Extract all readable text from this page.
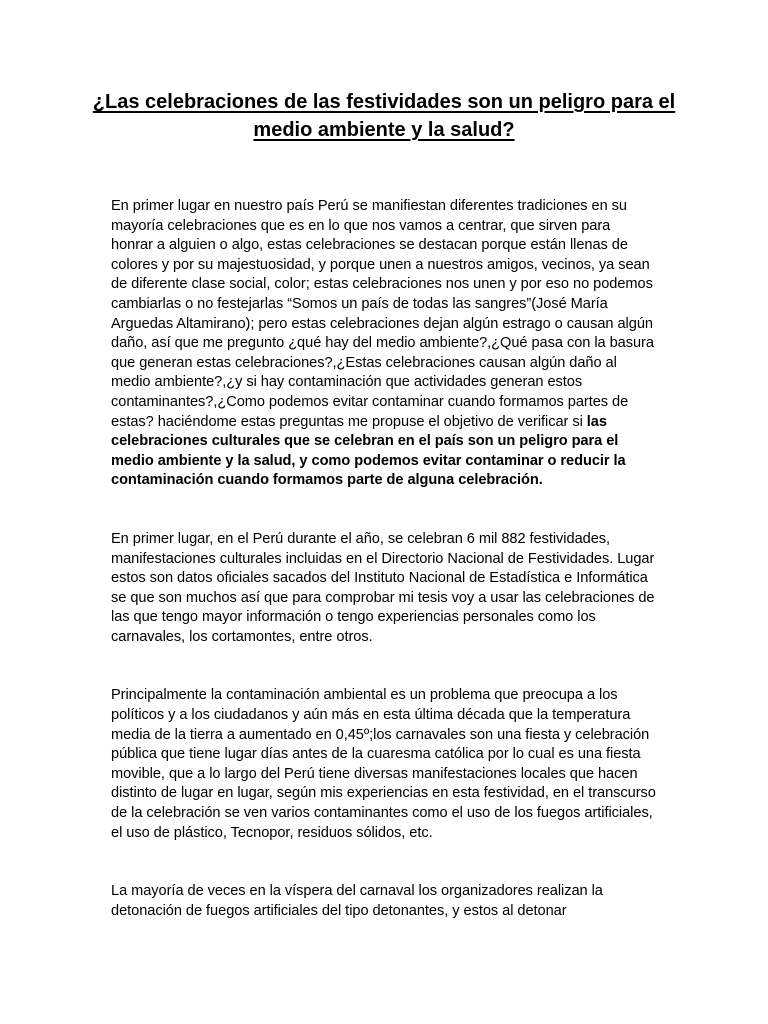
¿Las celebraciones de las festividades son un peligro para el medio ambiente y la salud?

En primer lugar en nuestro país Perú se manifiestan diferentes tradiciones en su mayoría celebraciones que es en lo que nos vamos a centrar, que sirven para honrar a alguien o algo, estas celebraciones se destacan porque están llenas de colores y por su majestuosidad, y porque unen a nuestros amigos, vecinos, ya sean de diferente clase social, color; estas celebraciones nos unen y por eso no podemos cambiarlas o no festejarlas “Somos un país de todas las sangres”(José María Arguedas Altamirano); pero estas celebraciones dejan algún estrago o causan algún daño, así que me pregunto ¿qué hay del medio ambiente?,¿Qué pasa con la basura que generan estas celebraciones?,¿Estas celebraciones causan algún daño al medio ambiente?,¿y si hay contaminación que actividades generan estos contaminantes?,¿Como podemos evitar contaminar cuando formamos partes de estas? haciéndome estas preguntas me propuse el objetivo de verificar si las celebraciones culturales que se celebran en el país son un peligro para el medio ambiente y la salud, y como podemos evitar contaminar o reducir la contaminación cuando formamos parte de alguna celebración.

En primer lugar, en el Perú durante el año, se celebran 6 mil 882 festividades, manifestaciones culturales incluidas en el Directorio Nacional de Festividades. Lugar estos son datos oficiales sacados del Instituto Nacional de Estadística e Informática se que son muchos así que para comprobar mi tesis voy a usar las celebraciones de las que tengo mayor información o tengo experiencias personales como los carnavales, los cortamontes, entre otros.

Principalmente la contaminación ambiental es un problema que preocupa a los políticos y a los ciudadanos y aún más en esta última década que la temperatura media de la tierra a aumentado en 0,45º;los carnavales son una fiesta y celebración pública que tiene lugar días antes de la cuaresma católica por lo cual es una fiesta movible, que a lo largo del Perú tiene diversas manifestaciones locales que hacen distinto de lugar en lugar, según mis experiencias en esta festividad, en el transcurso de la celebración se ven varios contaminantes como el uso de los fuegos artificiales, el uso de plástico, Tecnopor, residuos sólidos, etc.

La mayoría de veces en la víspera del carnaval los organizadores realizan la detonación de fuegos artificiales del tipo detonantes, y estos al detonar
